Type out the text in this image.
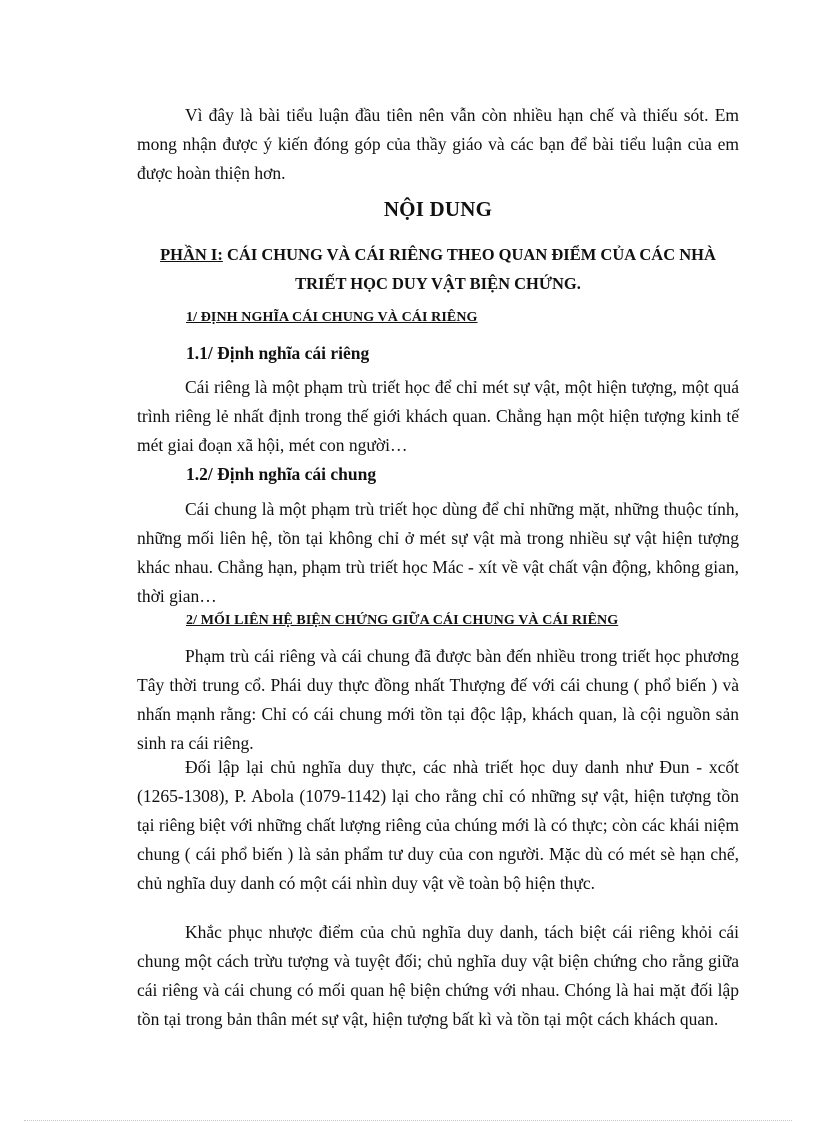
Vì đây là bài tiểu luận đầu tiên nên vẫn còn nhiều hạn chế và thiếu sót. Em mong nhận được ý kiến đóng góp của thầy giáo và các bạn để bài tiểu luận của em được hoàn thiện hơn.

NỘI DUNG
PHẦN I: CÁI CHUNG VÀ CÁI RIÊNG THEO QUAN ĐIỂM CỦA CÁC NHÀ TRIẾT HỌC DUY VẬT BIỆN CHỨNG.
1/ ĐỊNH NGHĨA CÁI CHUNG VÀ CÁI RIÊNG
1.1/ Định nghĩa cái riêng

Cái riêng là một phạm trù triết học để chỉ mét sự vật, một hiện tượng, một quá trình riêng lẻ nhất định trong thế giới khách quan. Chẳng hạn một hiện tượng kinh tế mét giai đoạn xã hội, mét con người…

1.2/ Định nghĩa cái chung

Cái chung là một phạm trù triết học dùng để chỉ những mặt, những thuộc tính, những mối liên hệ, tồn tại không chỉ ở mét sự vật mà trong nhiều sự vật hiện tượng khác nhau. Chẳng hạn, phạm trù triết học Mác - xít về vật chất vận động, không gian, thời gian…

2/ MỐI LIÊN HỆ BIỆN CHỨNG GIỮA CÁI CHUNG VÀ CÁI RIÊNG

Phạm trù cái riêng và cái chung đã được bàn đến nhiều trong triết học phương Tây thời trung cổ. Phái duy thực đồng nhất Thượng đế với cái chung ( phổ biến ) và nhấn mạnh rằng: Chỉ có cái chung mới tồn tại độc lập, khách quan, là cội nguồn sản sinh ra cái riêng.

Đối lập lại chủ nghĩa duy thực, các nhà triết học duy danh như Đun - xcốt (1265-1308), P. Abola (1079-1142) lại cho rằng chỉ có những sự vật, hiện tượng tồn tại riêng biệt với những chất lượng riêng của chúng mới là có thực; còn các khái niệm chung ( cái phổ biến ) là sản phẩm tư duy của con người. Mặc dù có mét sè hạn chế, chủ nghĩa duy danh có một cái nhìn duy vật về toàn bộ hiện thực.

Khắc phục nhược điểm của chủ nghĩa duy danh, tách biệt cái riêng khỏi cái chung một cách trừu tượng và tuyệt đối; chủ nghĩa duy vật biện chứng cho rằng giữa cái riêng và cái chung có mối quan hệ biện chứng với nhau. Chóng là hai mặt đối lập tồn tại trong bản thân mét sự vật, hiện tượng bất kì và tồn tại một cách khách quan.
